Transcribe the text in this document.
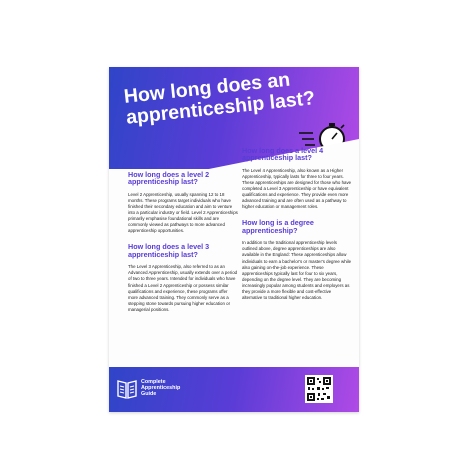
How long does an apprenticeship last?
How long does a level 2 apprenticeship last?
Level 2 Apprenticeship, usually spanning 12 to 18 months. These programs target individuals who have finished their secondary education and aim to venture into a particular industry or field. Level 2 Apprenticeships primarily emphasise foundational skills and are commonly viewed as pathways to more advanced apprenticeship opportunities.
How long does a level 3 apprenticeship last?
The Level 3 Apprenticeship, also referred to as an Advanced Apprenticeship, usually extends over a period of two to three years. Intended for individuals who have finished a Level 2 Apprenticeship or possess similar qualifications and experience, these programs offer more advanced training. They commonly serve as a stepping stone towards pursuing higher education or managerial positions.
How long does a level 4 apprenticeship last?
The Level 4 Apprenticeship, also known as a Higher Apprenticeship, typically lasts for three to four years. These apprenticeships are designed for those who have completed a Level 3 Apprenticeship or have equivalent qualifications and experience. They provide even more advanced training and are often used as a pathway to higher education or management roles.
How long is a degree apprenticeship?
In addition to the traditional apprenticeship levels outlined above, degree apprenticeships are also available in the England: These apprenticeships allow individuals to earn a bachelor's or master's degree while also gaining on-the-job experience. These apprenticeships typically last for four to six years, depending on the degree level. They are becoming increasingly popular among students and employers as they provide a more flexible and cost-effective alternative to traditional higher education.
Complete Apprenticeship Guide
